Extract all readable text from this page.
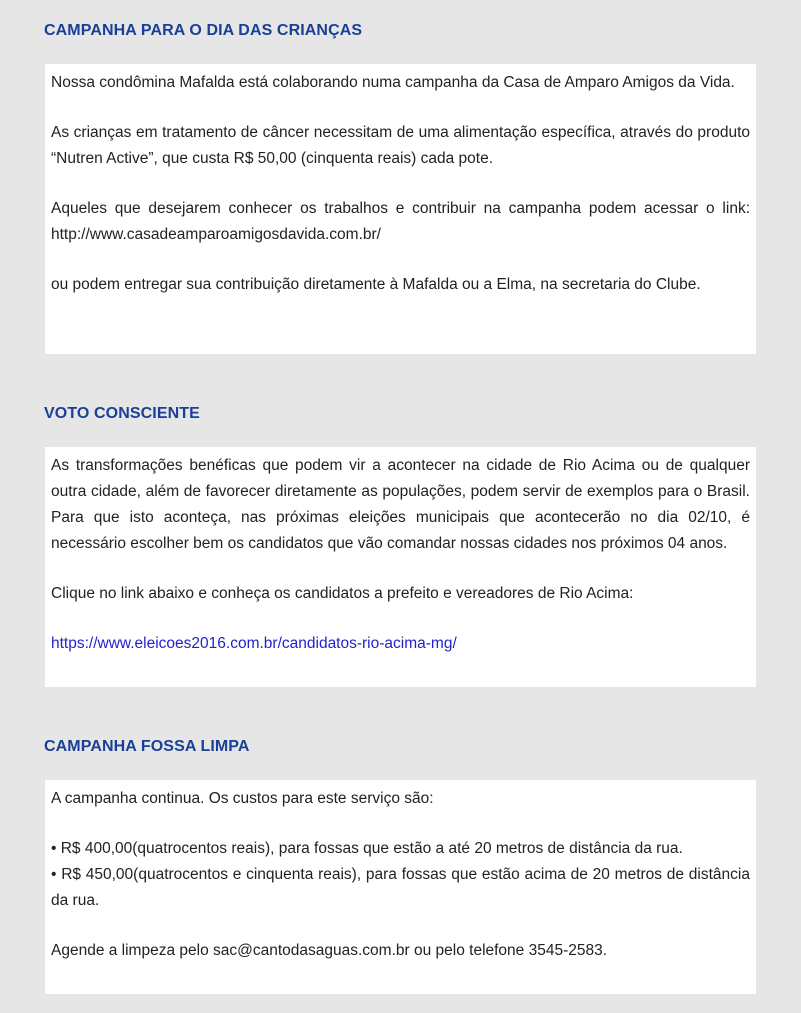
CAMPANHA PARA O DIA DAS CRIANÇAS

Nossa condômina Mafalda está colaborando numa campanha da Casa de Amparo Amigos da Vida.

As crianças em tratamento de câncer necessitam de uma alimentação específica, através do produto “Nutren Active”, que custa R$ 50,00 (cinquenta reais) cada pote.

Aqueles que desejarem conhecer os trabalhos e contribuir na campanha podem acessar o link: http://www.casadeamparoamigosdavida.com.br/

ou podem entregar sua contribuição diretamente à Mafalda ou a Elma, na secretaria do Clube.

VOTO CONSCIENTE

As transformações benéficas que podem vir a acontecer na cidade de Rio Acima ou de qualquer outra cidade, além de favorecer diretamente as populações, podem servir de exemplos para o Brasil. Para que isto aconteça, nas próximas eleições municipais que acontecerão no dia 02/10, é necessário escolher bem os candidatos que vão comandar nossas cidades nos próximos 04 anos.

Clique no link abaixo e conheça os candidatos a prefeito e vereadores de Rio Acima:

https://www.eleicoes2016.com.br/candidatos-rio-acima-mg/

CAMPANHA FOSSA LIMPA

A campanha continua. Os custos para este serviço são:

• R$ 400,00(quatrocentos reais), para fossas que estão a até 20 metros de distância da rua.

• R$ 450,00(quatrocentos e cinquenta reais), para fossas que estão acima de 20 metros de distância da rua.

Agende a limpeza pelo sac@cantodasaguas.com.br ou pelo telefone 3545-2583.
